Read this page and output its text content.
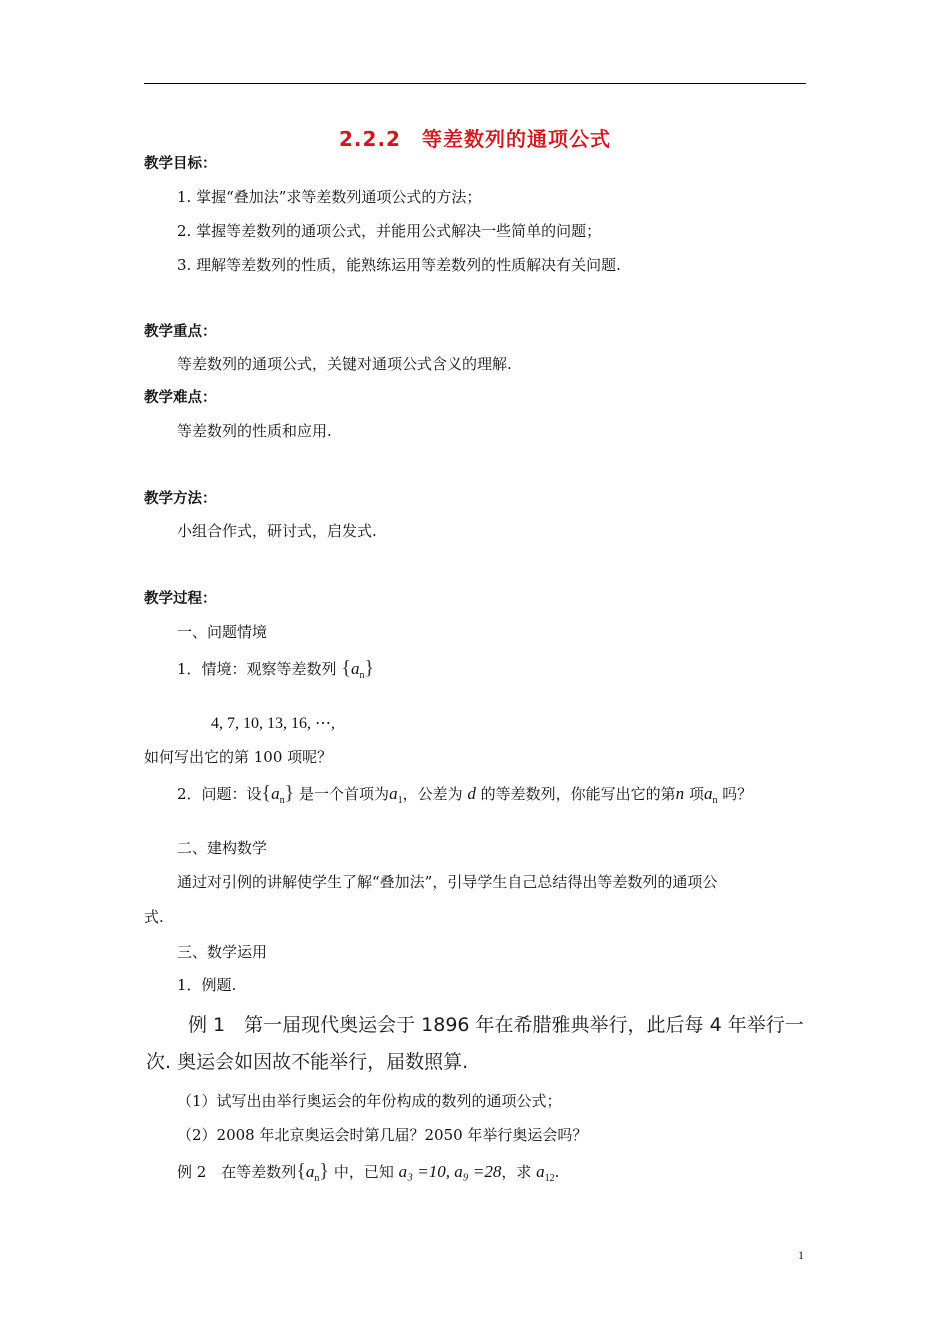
2.2.2　等差数列的通项公式
教学目标：
1. 掌握“叠加法”求等差数列通项公式的方法；
2. 掌握等差数列的通项公式，并能用公式解决一些简单的问题；
3. 理解等差数列的性质，能熟练运用等差数列的性质解决有关问题.
教学重点：
等差数列的通项公式，关键对通项公式含义的理解.
教学难点：
等差数列的性质和应用.
教学方法：
小组合作式，研讨式，启发式.
教学过程：
一、问题情境
1．情境：观察等差数列 $\{a_n\}$
4, 7, 10, 13, 16, ⋯,
如何写出它的第 100 项呢？
2．问题：设$\{a_n\}$ 是一个首项为$a_1$，公差为 d 的等差数列，你能写出它的第n 项$a_n$ 吗？
二、建构数学
通过对引例的讲解使学生了解“叠加法”，引导学生自己总结得出等差数列的通项公
式.
三、数学运用
1．例题.
例 1　第一届现代奥运会于 1896 年在希腊雅典举行，此后每 4 年举行一
次. 奥运会如因故不能举行，届数照算.
（1）试写出由举行奥运会的年份构成的数列的通项公式；
（2）2008 年北京奥运会时第几届？2050 年举行奥运会吗？
例 2　在等差数列$\{a_n\}$ 中，已知 a₃ =10, a₉ =28，求 $a_{12}$.
1
